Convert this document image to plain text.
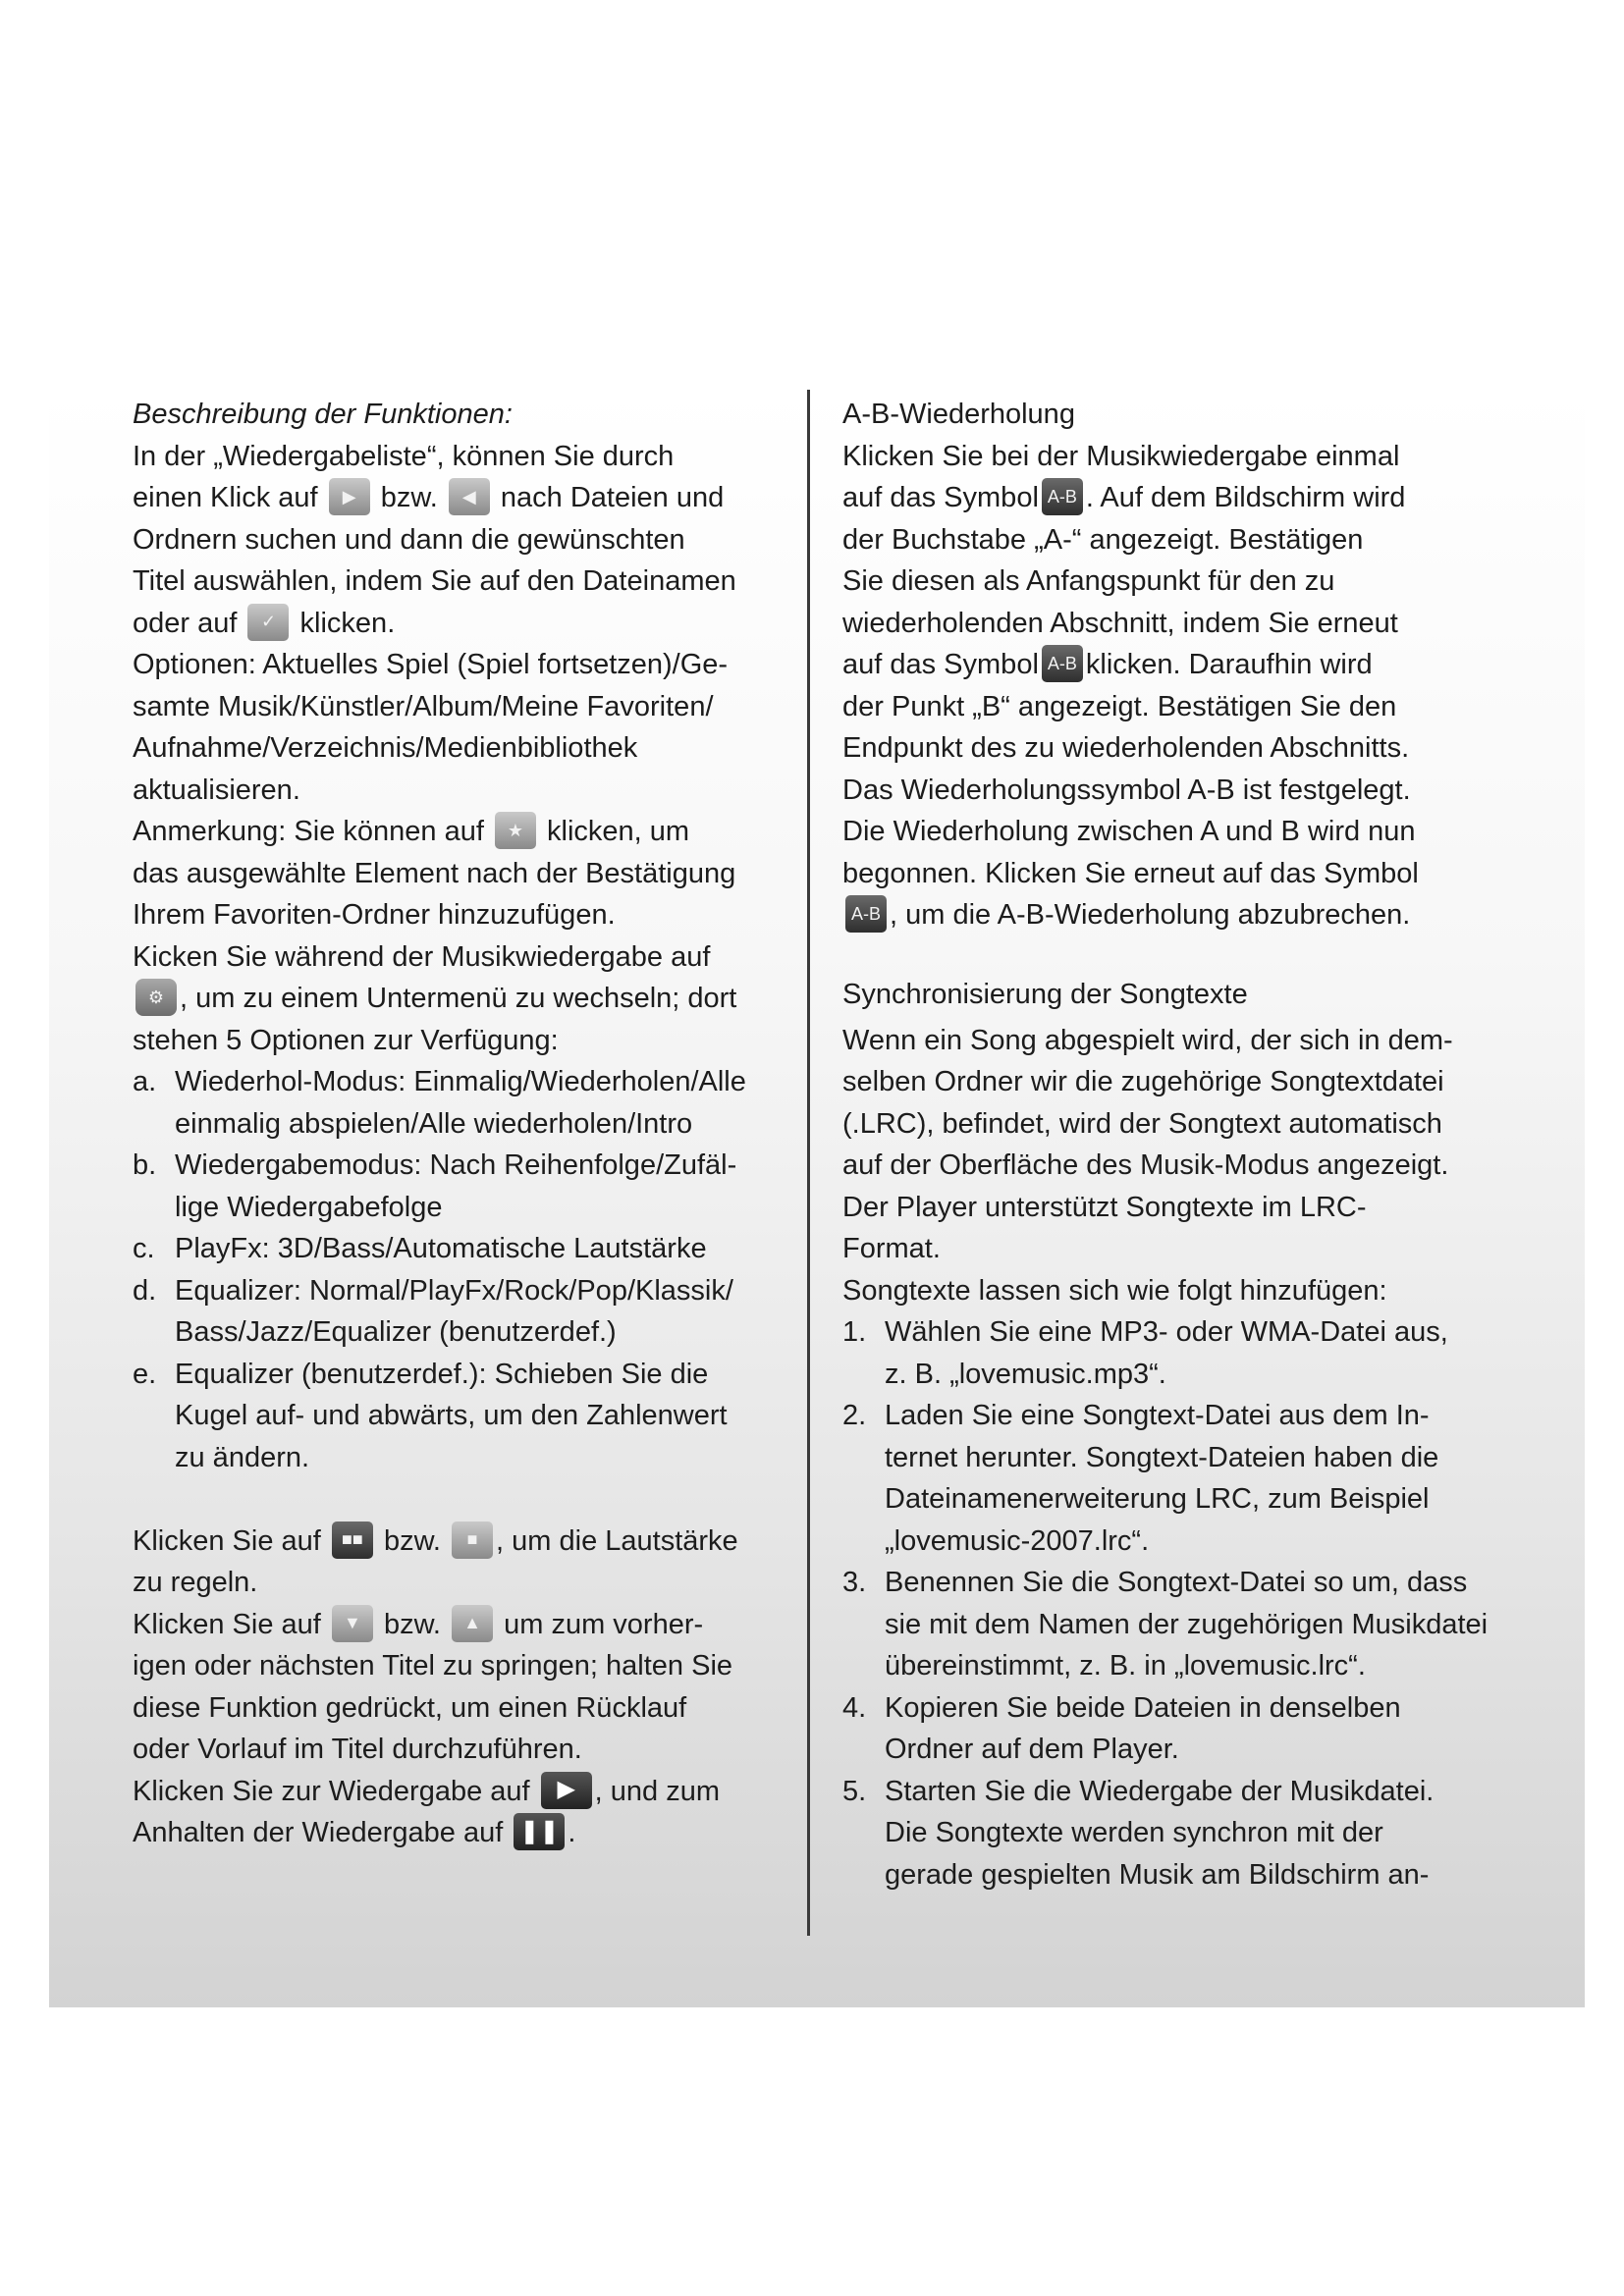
Beschreibung der Funktionen:

In der „Wiedergabeliste“, können Sie durch
einen Klick auf	▶ bzw.	◀ nach Dateien und
Ordnern suchen und dann die gewünschten
Titel auswählen, indem Sie auf den Dateinamen
oder auf	✓ klicken.

Optionen: Aktuelles Spiel (Spiel fortsetzen)/Ge-
samte Musik/Künstler/Album/Meine Favoriten/
Aufnahme/Verzeichnis/Medienbibliothek
aktualisieren.

Anmerkung: Sie können auf	★ klicken, um
das ausgewählte Element nach der Bestätigung
Ihrem Favoriten-Ordner hinzuzufügen.

Kicken Sie während der Musikwiedergabe auf

⚙ , um zu einem Untermenü zu wechseln; dort
stehen 5 Optionen zur Verfügung:

a. Wiederhol-Modus: Einmalig/Wiederholen/Alle
einmalig abspielen/Alle wiederholen/Intro
b. Wiedergabemodus: Nach Reihenfolge/Zufäl-
lige Wiedergabefolge
c. PlayFx: 3D/Bass/Automatische Lautstärke
d. Equalizer: Normal/PlayFx/Rock/Pop/Klassik/
Bass/Jazz/Equalizer (benutzerdef.)
e. Equalizer (benutzerdef.): Schieben Sie die
Kugel auf- und abwärts, um den Zahlenwert
zu ändern.

Klicken Sie auf	■■ bzw.	■ , um die Lautstärke
zu regeln.

Klicken Sie auf	▼ bzw.	▲ um zum vorher-
igen oder nächsten Titel zu springen; halten Sie
diese Funktion gedrückt, um einen Rücklauf
oder Vorlauf im Titel durchzuführen.

Klicken Sie zur Wiedergabe auf	▶ , und zum
Anhalten der Wiedergabe auf ❚❚ .

A-B-Wiederholung

Klicken Sie bei der Musikwiedergabe einmal
auf das Symbol A-B . Auf dem Bildschirm wird
der Buchstabe „A-“ angezeigt. Bestätigen
Sie diesen als Anfangspunkt für den zu
wiederholenden Abschnitt, indem Sie erneut
auf das Symbol A-B klicken. Daraufhin wird
der Punkt „B“ angezeigt. Bestätigen Sie den
Endpunkt des zu wiederholenden Abschnitts.
Das Wiederholungssymbol A-B ist festgelegt.
Die Wiederholung zwischen A und B wird nun
begonnen. Klicken Sie erneut auf das Symbol

A-B , um die A-B-Wiederholung abzubrechen.

Synchronisierung der Songtexte

Wenn ein Song abgespielt wird, der sich in dem-
selben Ordner wir die zugehörige Songtextdatei
(.LRC), befindet, wird der Songtext automatisch
auf der Oberfläche des Musik-Modus angezeigt.
Der Player unterstützt Songtexte im LRC-
Format.
Songtexte lassen sich wie folgt hinzufügen:

1. Wählen Sie eine MP3- oder WMA-Datei aus,
z. B. „lovemusic.mp3“.
2. Laden Sie eine Songtext-Datei aus dem In-
ternet herunter. Songtext-Dateien haben die
Dateinamenerweiterung LRC, zum Beispiel
„lovemusic-2007.lrc“.
3. Benennen Sie die Songtext-Datei so um, dass
sie mit dem Namen der zugehörigen Musikdatei
übereinstimmt, z. B. in „lovemusic.lrc“.
4. Kopieren Sie beide Dateien in denselben
Ordner auf dem Player.
5. Starten Sie die Wiedergabe der Musikdatei.
Die Songtexte werden synchron mit der
gerade gespielten Musik am Bildschirm an-
